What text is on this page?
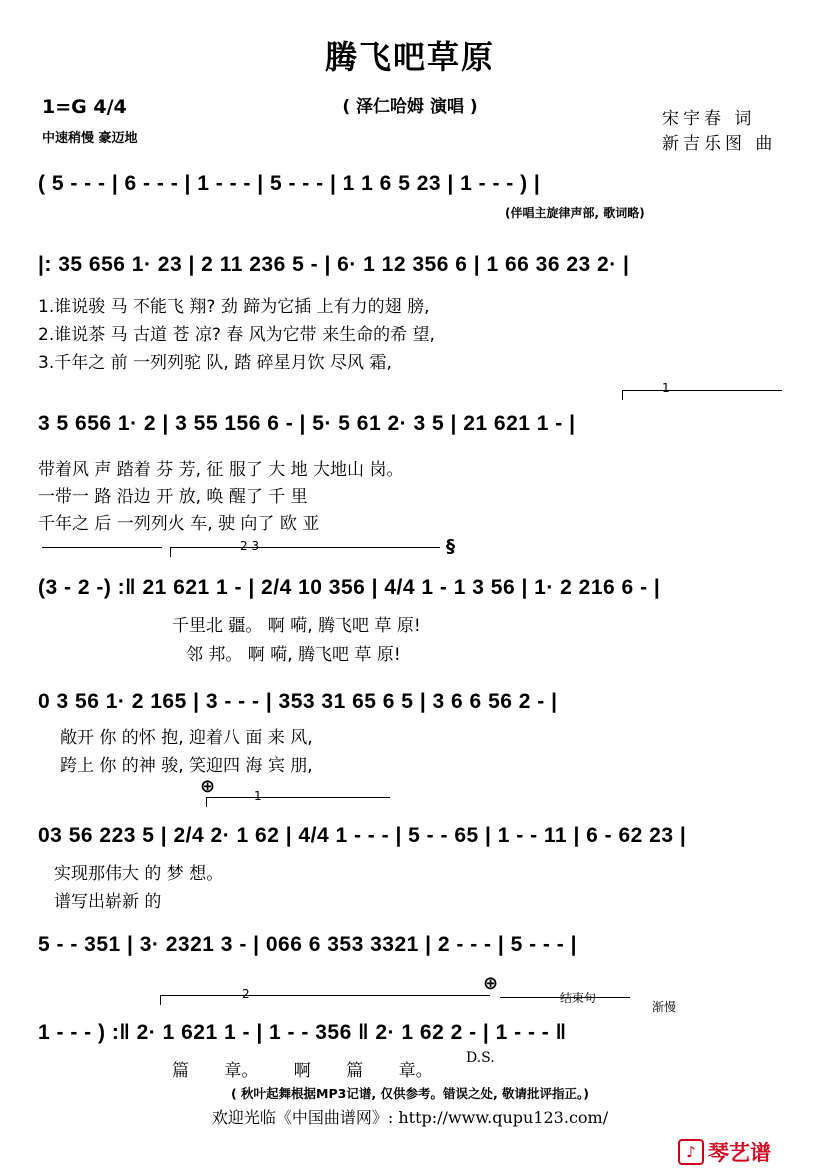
腾飞吧草原
( 泽仁哈姆 演唱 )
1=G 4/4
中速稍慢 豪迈地
宋宇春 词
新吉乐图 曲
( 5 - - - | 6 - - - | 1 - - - | 5 - - - | 1 1 6 5 23 | 1 - - - ) |
(伴唱主旋律声部, 歌词略)
|: 35 656 1· 23 | 2 11 236 5 - | 6· 1 12 356 6 | 1 66 36 23 2· |
1.谁说骏 马 不能飞 翔? 劲 蹄为它插 上有力的翅 膀,
2.谁说茶 马 古道 苍 凉? 春 风为它带 来生命的希 望,
3.千年之 前 一列列驼 队, 踏 碎星月饮 尽风 霜,
1
3 5 656 1· 2 | 3 55 156 6 - | 5· 5 61 2· 3 5 | 21 621 1 - |
带着风 声 踏着 芬 芳, 征 服了 大 地 大地山 岗。
一带一 路 沿边 开 放, 唤 醒了 千 里
千年之 后 一列列火 车, 驶 向了 欧 亚
2 3	§
(3 - 2 -) :‖ 21 621 1 - | 2/4 10 356 | 4/4 1 - 1 3 56 | 1· 2 216 6 - |
千里北 疆。 啊 嗬, 腾飞吧 草 原!
邻 邦。 啊 嗬, 腾飞吧 草 原!
0 3 56 1· 2 165 | 3 - - - | 353 31 65 6 5 | 3 6 6 56 2 - |
敞开 你 的怀 抱, 迎着八 面 来 风,
跨上 你 的神 骏, 笑迎四 海 宾 朋,
⊕	1
03 56 223 5 | 2/4 2· 1 62 | 4/4 1 - - - | 5 - - 65 | 1 - - 11 | 6 - 62 23 |
实现那伟大 的 梦 想。
谱写出崭新 的
5 - - 351 | 3· 2321 3 - | 066 6 353 3321 | 2 - - - | 5 - - - |
⊕
2	结束句
渐慢
1 - - - ) :‖ 2· 1 621 1 - | 1 - - 356 ‖ 2· 1 62 2 - | 1 - - - ‖
D.S.
篇 章。 啊 篇 章。
( 秋叶起舞根据MP3记谱, 仅供参考。错误之处, 敬请批评指正。)
欢迎光临《中国曲谱网》: http://www.qupu123.com/
♪ 琴艺谱
